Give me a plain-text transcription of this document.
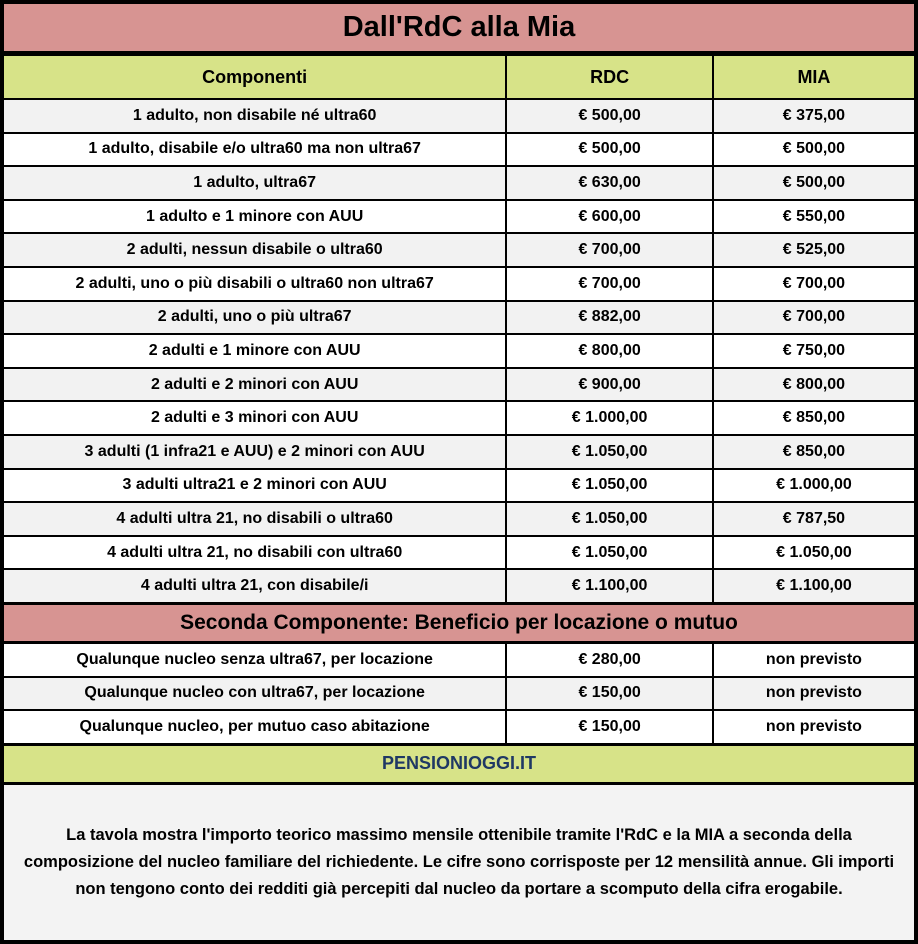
Dall'RdC alla Mia
Componenti	RDC	MIA
1 adulto, non disabile né ultra60	€ 500,00	€ 375,00
1 adulto, disabile e/o ultra60 ma non ultra67	€ 500,00	€ 500,00
1 adulto, ultra67	€ 630,00	€ 500,00
1 adulto e 1 minore con AUU	€ 600,00	€ 550,00
2 adulti, nessun disabile o ultra60	€ 700,00	€ 525,00
2 adulti, uno o più disabili o ultra60 non ultra67	€ 700,00	€ 700,00
2 adulti, uno o più ultra67	€ 882,00	€ 700,00
2 adulti e 1 minore con AUU	€ 800,00	€ 750,00
2 adulti e 2 minori con AUU	€ 900,00	€ 800,00
2 adulti e 3 minori con AUU	€ 1.000,00	€ 850,00
3 adulti (1 infra21 e AUU) e 2 minori con AUU	€ 1.050,00	€ 850,00
3 adulti ultra21 e 2 minori con AUU	€ 1.050,00	€ 1.000,00
4 adulti ultra 21, no disabili o ultra60	€ 1.050,00	€ 787,50
4 adulti ultra 21, no disabili con ultra60	€ 1.050,00	€ 1.050,00
4 adulti ultra 21, con disabile/i	€ 1.100,00	€ 1.100,00
Seconda Componente: Beneficio per locazione o mutuo		
Qualunque nucleo senza ultra67, per locazione	€ 280,00	non previsto
Qualunque nucleo con ultra67, per locazione	€ 150,00	non previsto
Qualunque nucleo, per mutuo caso abitazione	€ 150,00	non previsto
PENSIONIOGGI.IT		
La tavola mostra l'importo teorico massimo mensile ottenibile tramite l'RdC e la MIA a seconda della composizione del nucleo familiare del richiedente. Le cifre sono corrisposte per 12 mensilità annue. Gli importi non tengono conto dei redditi già percepiti dal nucleo da portare a scomputo della cifra erogabile.
